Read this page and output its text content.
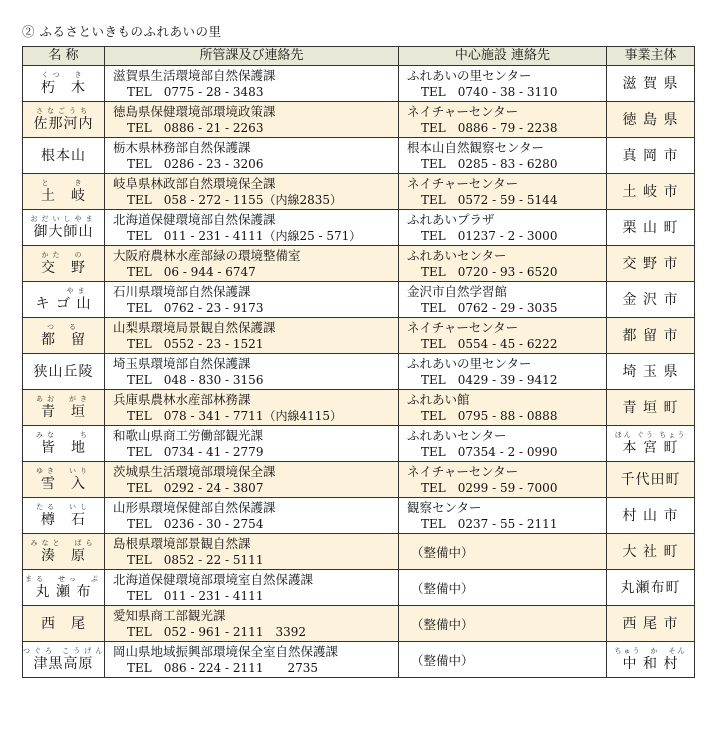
② ふるさといきものふれあいの里
名 称	所管課及び連絡先	中心施設 連絡先	事業主体

くつ　き
朽　木	滋賀県生活環境部自然保護課
TEL　0775 - 28 - 3483	ふれあいの里センター
TEL　0740 - 38 - 3110	滋 賀 県

さなごうち
佐那河内	徳島県保健環境部環境政策課
TEL　0886 - 21 - 2263	ネイチャーセンター
TEL　0886 - 79 - 2238	徳 島 県

根本山	栃木県林務部自然保護課
TEL　0286 - 23 - 3206	根本山自然観察センター
TEL　0285 - 83 - 6280	真 岡 市

と　　き
土　岐	岐阜県林政部自然環境保全課
TEL　058 - 272 - 1155（内線2835）	ネイチャーセンター
TEL　0572 - 59 - 5144	土 岐 市

おだいしやま
御大師山	北海道保健環境部自然保護課
TEL　011 - 231 - 4111（内線25 - 571）	ふれあいプラザ
TEL　01237 - 2 - 3000	栗 山 町

かた　の
交　野	大阪府農林水産部緑の環境整備室
TEL　06 - 944 - 6747	ふれあいセンター
TEL　0720 - 93 - 6520	交 野 市

　　 やま
キ ゴ 山	石川県環境部自然保護課
TEL　0762 - 23 - 9173	金沢市自然学習館
TEL　0762 - 29 - 3035	金 沢 市

つ　る
都　留	山梨県環境局景観自然保護課
TEL　0552 - 23 - 1521	ネイチャーセンター
TEL　0554 - 45 - 6222	都 留 市

狭山丘陵	埼玉県環境部自然保護課
TEL　048 - 830 - 3156	ふれあいの里センター
TEL　0429 - 39 - 9412	埼 玉 県

あお　がき
青　垣	兵庫県農林水産部林務課
TEL　078 - 341 - 7711（内線4115）	ふれあい館
TEL　0795 - 88 - 0888	青 垣 町

みな　　ち
皆　地	和歌山県商工労働部観光課
TEL　0734 - 41 - 2779	ふれあいセンター
TEL　07354 - 2 - 0990	ほん ぐう ちょう
本 宮 町

ゆき　いり
雪　入	茨城県生活環境部環境保全課
TEL　0292 - 24 - 3807	ネイチャーセンター
TEL　0299 - 59 - 7000	千代田町

たる　いし
樽　石	山形県環境保健部自然保護課
TEL　0236 - 30 - 2754	観察センター
TEL　0237 - 55 - 2111	村 山 市

みなと　ばら
湊　原	島根県環境部景観自然課
TEL　0852 - 22 - 5111	（整備中）	大 社 町

まる　せっ　ぷ
丸 瀬 布	北海道保健環境部環境室自然保護課
TEL　011 - 231 - 4111	（整備中）	丸瀬布町

西　尾	愛知県商工部観光課
TEL　052 - 961 - 2111　3392	（整備中）	西 尾 市

つぐろ こうげん
津黒高原	岡山県地域振興部環境保全室自然保護課
TEL　086 - 224 - 2111　　2735	（整備中）	ちゅう　か　そん
中 和 村
